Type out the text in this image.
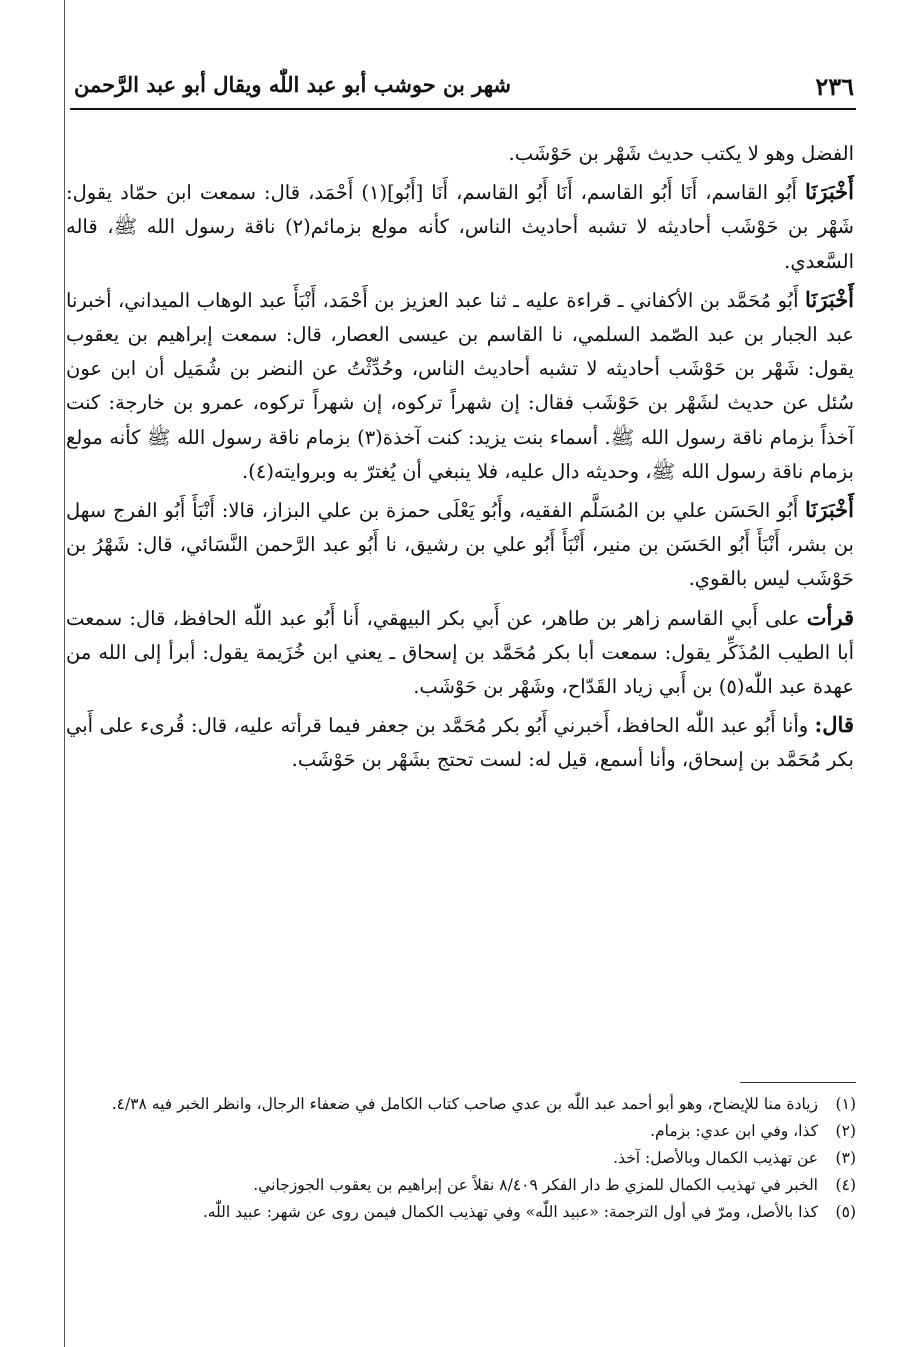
٢٣٦
شهر بن حوشب أبو عبد اللّٰه ويقال أبو عبد الرَّحمن

الفضل وهو لا يكتب حديث شَهْر بن حَوْشَب.

أَخْبَرَنَا أَبُو القاسم، أَنَا أَبُو القاسم، أَنَا أَبُو القاسم، أَنَا [أَبُو](١) أَحْمَد، قال: سمعت ابن حمّاد يقول: شَهْر بن حَوْشَب أحاديثه لا تشبه أحاديث الناس، كأنه مولع بزمائم(٢) ناقة رسول الله ﷺ، قاله السَّعدي.

أَخْبَرَنَا أَبُو مُحَمَّد بن الأكفاني ـ قراءة عليه ـ ثنا عبد العزيز بن أَحْمَد، أَنْبَأَ عبد الوهاب الميداني، أخبرنا عبد الجبار بن عبد الصّمد السلمي، نا القاسم بن عيسى العصار، قال: سمعت إبراهيم بن يعقوب يقول: شَهْر بن حَوْشَب أحاديثه لا تشبه أحاديث الناس، وحُدِّثْتُ عن النضر بن شُمَيل أن ابن عون سُئل عن حديث لشَهْر بن حَوْشَب فقال: إن شهراً تركوه، إن شهراً تركوه، عمرو بن خارجة: كنت آخذاً بزمام ناقة رسول الله ﷺ. أسماء بنت يزيد: كنت آخذة(٣) بزمام ناقة رسول الله ﷺ كأنه مولع بزمام ناقة رسول الله ﷺ، وحديثه دال عليه، فلا ينبغي أن يُغترّ به وبروايته(٤).

أَخْبَرَنَا أَبُو الحَسَن علي بن المُسَلَّم الفقيه، وأَبُو يَعْلَى حمزة بن علي البزاز، قالا: أَنْبَأَ أَبُو الفرج سهل بن بشر، أَنْبَأَ أَبُو الحَسَن بن منير، أَنْبَأَ أَبُو علي بن رشيق، نا أَبُو عبد الرَّحمن النَّسَائي، قال: شَهْرُ بن حَوْشَب ليس بالقوي.

قرأت على أَبي القاسم زاهر بن طاهر، عن أَبي بكر البيهقي، أَنا أَبُو عبد اللّٰه الحافظ، قال: سمعت أبا الطيب المُذَكِّر يقول: سمعت أبا بكر مُحَمَّد بن إسحاق ـ يعني ابن خُزَيمة يقول: أبرأ إلى الله من عهدة عبد اللّٰه(٥) بن أَبي زياد القَدّاح، وشَهْر بن حَوْشَب.

قال: وأنا أَبُو عبد اللّٰه الحافظ، أَخبرني أَبُو بكر مُحَمَّد بن جعفر فيما قرأته عليه، قال: قُرىء على أَبي بكر مُحَمَّد بن إسحاق، وأنا أسمع، قيل له: لست تحتج بشَهْر بن حَوْشَب.

(١)
زيادة منا للإيضاح، وهو أبو أحمد عبد اللّٰه بن عدي صاحب كتاب الكامل في ضعفاء الرجال، وانظر الخبر فيه ٤/٣٨.
(٢)
كذا، وفي ابن عدي: بزمام.
(٣)
عن تهذيب الكمال وبالأصل: آخذ.
(٤)
الخبر في تهذيب الكمال للمزي ط دار الفكر ٨/٤٠٩ نقلاً عن إبراهيم بن يعقوب الجوزجاني.
(٥)
كذا بالأصل، ومرّ في أول الترجمة: «عبيد اللّٰه» وفي تهذيب الكمال فيمن روى عن شهر: عبيد اللّٰه.
